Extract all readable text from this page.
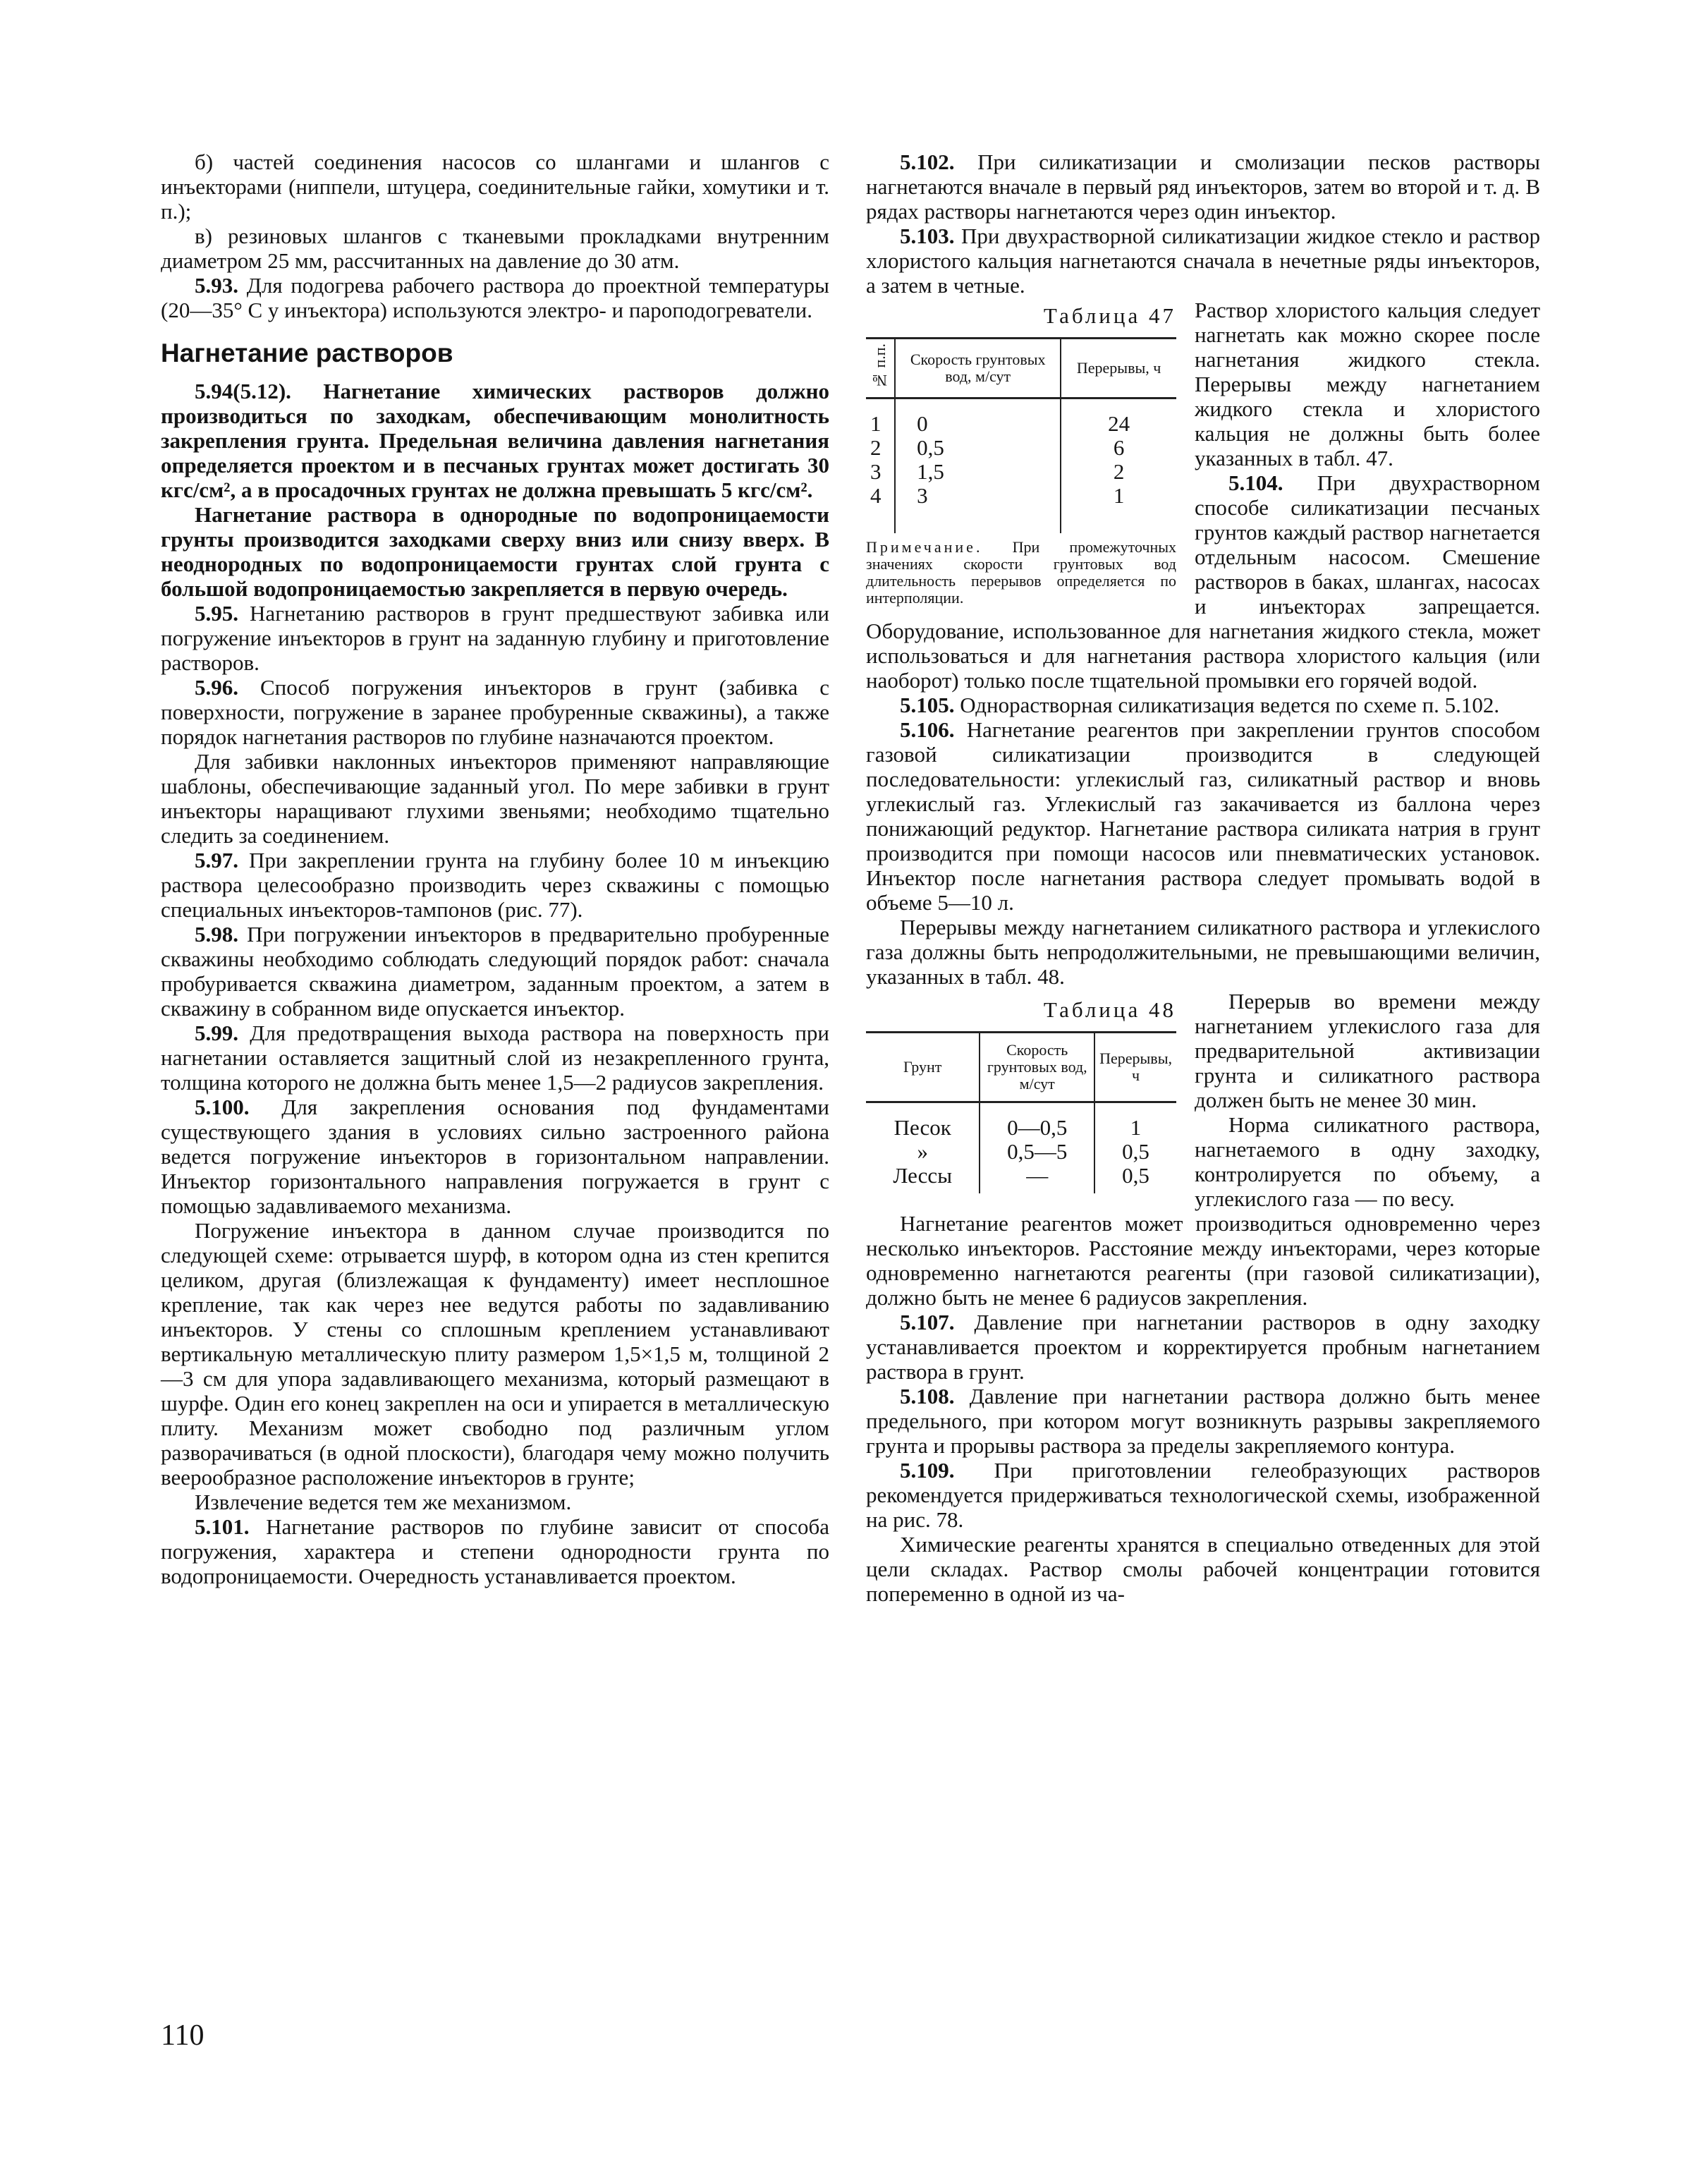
б) частей соединения насосов со шлангами и шлангов с инъекторами (ниппели, штуцера, соединительные гайки, хомутики и т. п.);

в) резиновых шлангов с тканевыми прокладками внутренним диаметром 25 мм, рассчитанных на давление до 30 атм.

5.93. Для подогрева рабочего раствора до проектной температуры (20—35° С у инъектора) используются электро- и пароподогреватели.

Нагнетание растворов

5.94(5.12). Нагнетание химических растворов должно производиться по заходкам, обеспечивающим монолитность закрепления грунта. Предельная величина давления нагнетания определяется проектом и в песчаных грунтах может достигать 30 кгс/см², а в просадочных грунтах не должна превышать 5 кгс/см².

Нагнетание раствора в однородные по водопроницаемости грунты производится заходками сверху вниз или снизу вверх. В неоднородных по водопроницаемости грунтах слой грунта с большой водопроницаемостью закрепляется в первую очередь.

5.95. Нагнетанию растворов в грунт предшествуют забивка или погружение инъекторов в грунт на заданную глубину и приготовление растворов.

5.96. Способ погружения инъекторов в грунт (забивка с поверхности, погружение в заранее пробуренные скважины), а также порядок нагнетания растворов по глубине назначаются проектом.

Для забивки наклонных инъекторов применяют направляющие шаблоны, обеспечивающие заданный угол. По мере забивки в грунт инъекторы наращивают глухими звеньями; необходимо тщательно следить за соединением.

5.97. При закреплении грунта на глубину более 10 м инъекцию раствора целесообразно производить через скважины с помощью специальных инъекторов-тампонов (рис. 77).

5.98. При погружении инъекторов в предварительно пробуренные скважины необходимо соблюдать следующий порядок работ: сначала пробуривается скважина диаметром, заданным проектом, а затем в скважину в собранном виде опускается инъектор.

5.99. Для предотвращения выхода раствора на поверхность при нагнетании оставляется защитный слой из незакрепленного грунта, толщина которого не должна быть менее 1,5—2 радиусов закрепления.

5.100. Для закрепления основания под фундаментами существующего здания в условиях сильно застроенного района ведется погружение инъекторов в горизонтальном направлении. Инъектор горизонтального направления погружается в грунт с помощью задавливаемого механизма.

Погружение инъектора в данном случае производится по следующей схеме: отрывается шурф, в котором одна из стен крепится целиком, другая (близлежащая к фундаменту) имеет несплошное крепление, так как через нее ведутся работы по задавливанию инъекторов. У стены со сплошным креплением устанавливают вертикальную металлическую плиту размером 1,5×1,5 м, толщиной 2—3 см для упора задавливающего механизма, который размещают в шурфе. Один его конец закреплен на оси и упирается в металлическую плиту. Механизм может свободно под различным углом разворачиваться (в одной плоскости), благодаря чему можно получить веерообразное расположение инъекторов в грунте;

Извлечение ведется тем же механизмом.

5.101. Нагнетание растворов по глубине зависит от способа погружения, характера и степени однородности грунта по водопроницаемости. Очередность устанавливается проектом.

5.102. При силикатизации и смолизации песков растворы нагнетаются вначале в первый ряд инъекторов, затем во второй и т. д. В рядах растворы нагнетаются через один инъектор.

5.103. При двухрастворной силикатизации жидкое стекло и раствор хлористого кальция нагнетаются сначала в нечетные ряды инъекторов, а затем в четные.

Таблица 47
№ п.п.	Скорость грунтовых вод, м/сут	Перерывы, ч
1	0	24
2	0,5	6
3	1,5	2
4	3	1

Примечание. При промежуточных значениях скорости грунтовых вод длительность перерывов определяется по интерполяции.

Раствор хлористого кальция следует нагнетать как можно скорее после нагнетания жидкого стекла. Перерывы между нагнетанием жидкого стекла и хлористого кальция не должны быть более указанных в табл. 47.

5.104. При двухрастворном способе силикатизации песчаных грунтов каждый раствор нагнетается отдельным насосом. Смешение растворов в баках, шлангах, насосах и инъекторах запрещается. Оборудование, использованное для нагнетания жидкого стекла, может использоваться и для нагнетания раствора хлористого кальция (или наоборот) только после тщательной промывки его горячей водой.

5.105. Однорастворная силикатизация ведется по схеме п. 5.102.

5.106. Нагнетание реагентов при закреплении грунтов способом газовой силикатизации производится в следующей последовательности: углекислый газ, силикатный раствор и вновь углекислый газ. Углекислый газ закачивается из баллона через понижающий редуктор. Нагнетание раствора силиката натрия в грунт производится при помощи насосов или пневматических установок. Инъектор после нагнетания раствора следует промывать водой в объеме 5—10 л.

Перерывы между нагнетанием силикатного раствора и углекислого газа должны быть непродолжительными, не превышающими величин, указанных в табл. 48.

Таблица 48
Грунт	Скорость грунтовых вод, м/сут	Перерывы, ч
Песок	0—0,5	1
»	0,5—5	0,5
Лессы	—	0,5

Перерыв во времени между нагнетанием углекислого газа для предварительной активизации грунта и силикатного раствора должен быть не менее 30 мин.

Норма силикатного раствора, нагнетаемого в одну заходку, контролируется по объему, а углекислого газа — по весу.

Нагнетание реагентов может производиться одновременно через несколько инъекторов. Расстояние между инъекторами, через которые одновременно нагнетаются реагенты (при газовой силикатизации), должно быть не менее 6 радиусов закрепления.

5.107. Давление при нагнетании растворов в одну заходку устанавливается проектом и корректируется пробным нагнетанием раствора в грунт.

5.108. Давление при нагнетании раствора должно быть менее предельного, при котором могут возникнуть разрывы закрепляемого грунта и прорывы раствора за пределы закрепляемого контура.

5.109. При приготовлении гелеобразующих растворов рекомендуется придерживаться технологической схемы, изображенной на рис. 78.

Химические реагенты хранятся в специально отведенных для этой цели складах. Раствор смолы рабочей концентрации готовится попеременно в одной из ча-

110
